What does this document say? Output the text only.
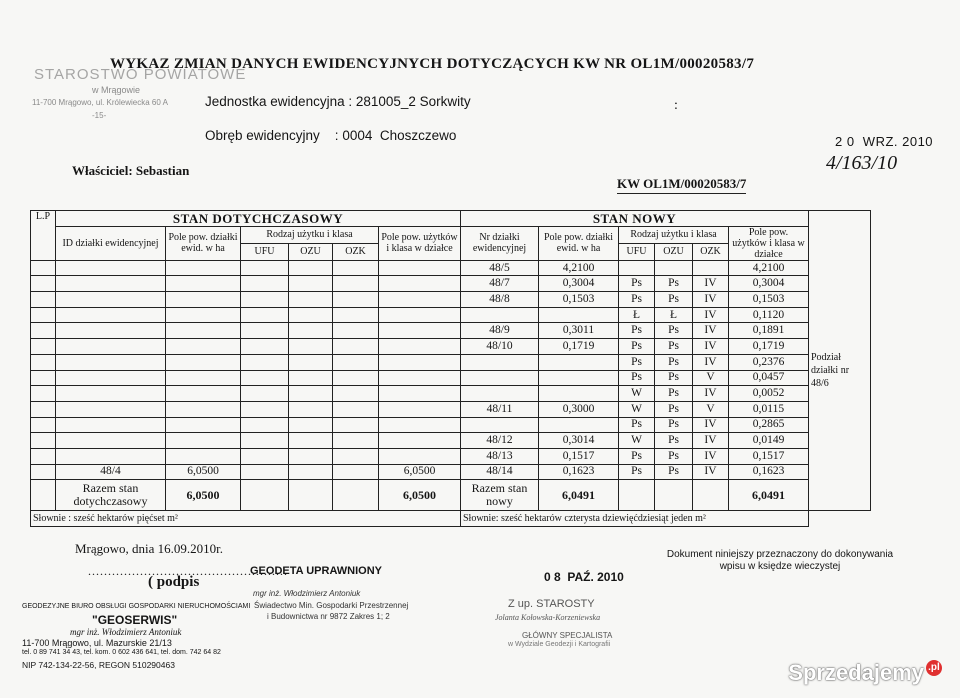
WYKAZ ZMIAN DANYCH EWIDENCYJNYCH DOTYCZĄCYCH KW NR OL1M/00020583/7
STAROSTWO POWIATOWE
w Mrągowie
11-700 Mrągowo, ul. Królewiecka 60 A
-15-
Jednostka ewidencyjna : 281005_2 Sorkwity
Obręb ewidencyjny    : 0004  Choszczewo
:
Właściciel: Sebastian
KW OL1M/00020583/7
2 0  WRZ. 2010
4/163/10
L.P	STAN DOTYCHCZASOWY						STAN NOWY						
	ID działki ewidencyjnej	Pole pow. działki ewid. w ha	Rodzaj użytku i klasa			Pole pow. użytków i klasa w działce	Nr działki ewidencyjnej	Pole pow. działki ewid. w ha	Rodzaj użytku i klasa			Pole pow. użytków i klasa w działce	
			UFU	OZU	OZK				UFU	OZU	OZK		
							48/5	4,2100				4,2100	Podział działki nr 48/6
							48/7	0,3004	Ps	Ps	IV	0,3004	
							48/8	0,1503	Ps	Ps	IV	0,1503	
									Ł	Ł	IV	0,1120	
							48/9	0,3011	Ps	Ps	IV	0,1891	
							48/10	0,1719	Ps	Ps	IV	0,1719	
									Ps	Ps	IV	0,2376	
									Ps	Ps	V	0,0457	
									W	Ps	IV	0,0052	
							48/11	0,3000	W	Ps	V	0,0115	
									Ps	Ps	IV	0,2865	
							48/12	0,3014	W	Ps	IV	0,0149	
							48/13	0,1517	Ps	Ps	IV	0,1517	
	48/4	6,0500				6,0500	48/14	0,1623	Ps	Ps	IV	0,1623	
	Razem stan dotychczasowy	6,0500				6,0500	Razem stan nowy	6,0491				6,0491	
Słownie : sześć hektarów pięćset m²							Słownie: sześć hektarów czterysta dziewięćdziesiąt jeden m²						
Mrągowo, dnia 16.09.2010r.
..................................................
( podpis
GEODETA UPRAWNIONY
mgr inż. Włodzimierz Antoniuk
Świadectwo Min. Gospodarki Przestrzennej
i Budownictwa nr 9872 Zakres 1; 2
GEODEZYJNE BIURO OBSŁUGI GOSPODARKI NIERUCHOMOŚCIAMI
"GEOSERWIS"
mgr inż. Włodzimierz Antoniuk
11-700 Mrągowo, ul. Mazurskie 21/13
tel. 0 89 741 34 43, tel. kom. 0 602 436 641, tel. dom. 742 64 82
NIP 742-134-22-56, REGON 510290463
0 8  PAŹ. 2010
Z up. STAROSTY
Jolanta Kołowska-Korzeniewska
GŁÓWNY SPECJALISTA
w Wydziale Geodezji i Kartografii
Dokument niniejszy przeznaczony do dokonywania wpisu w księdze wieczystej
Sprzedajemy .pl
